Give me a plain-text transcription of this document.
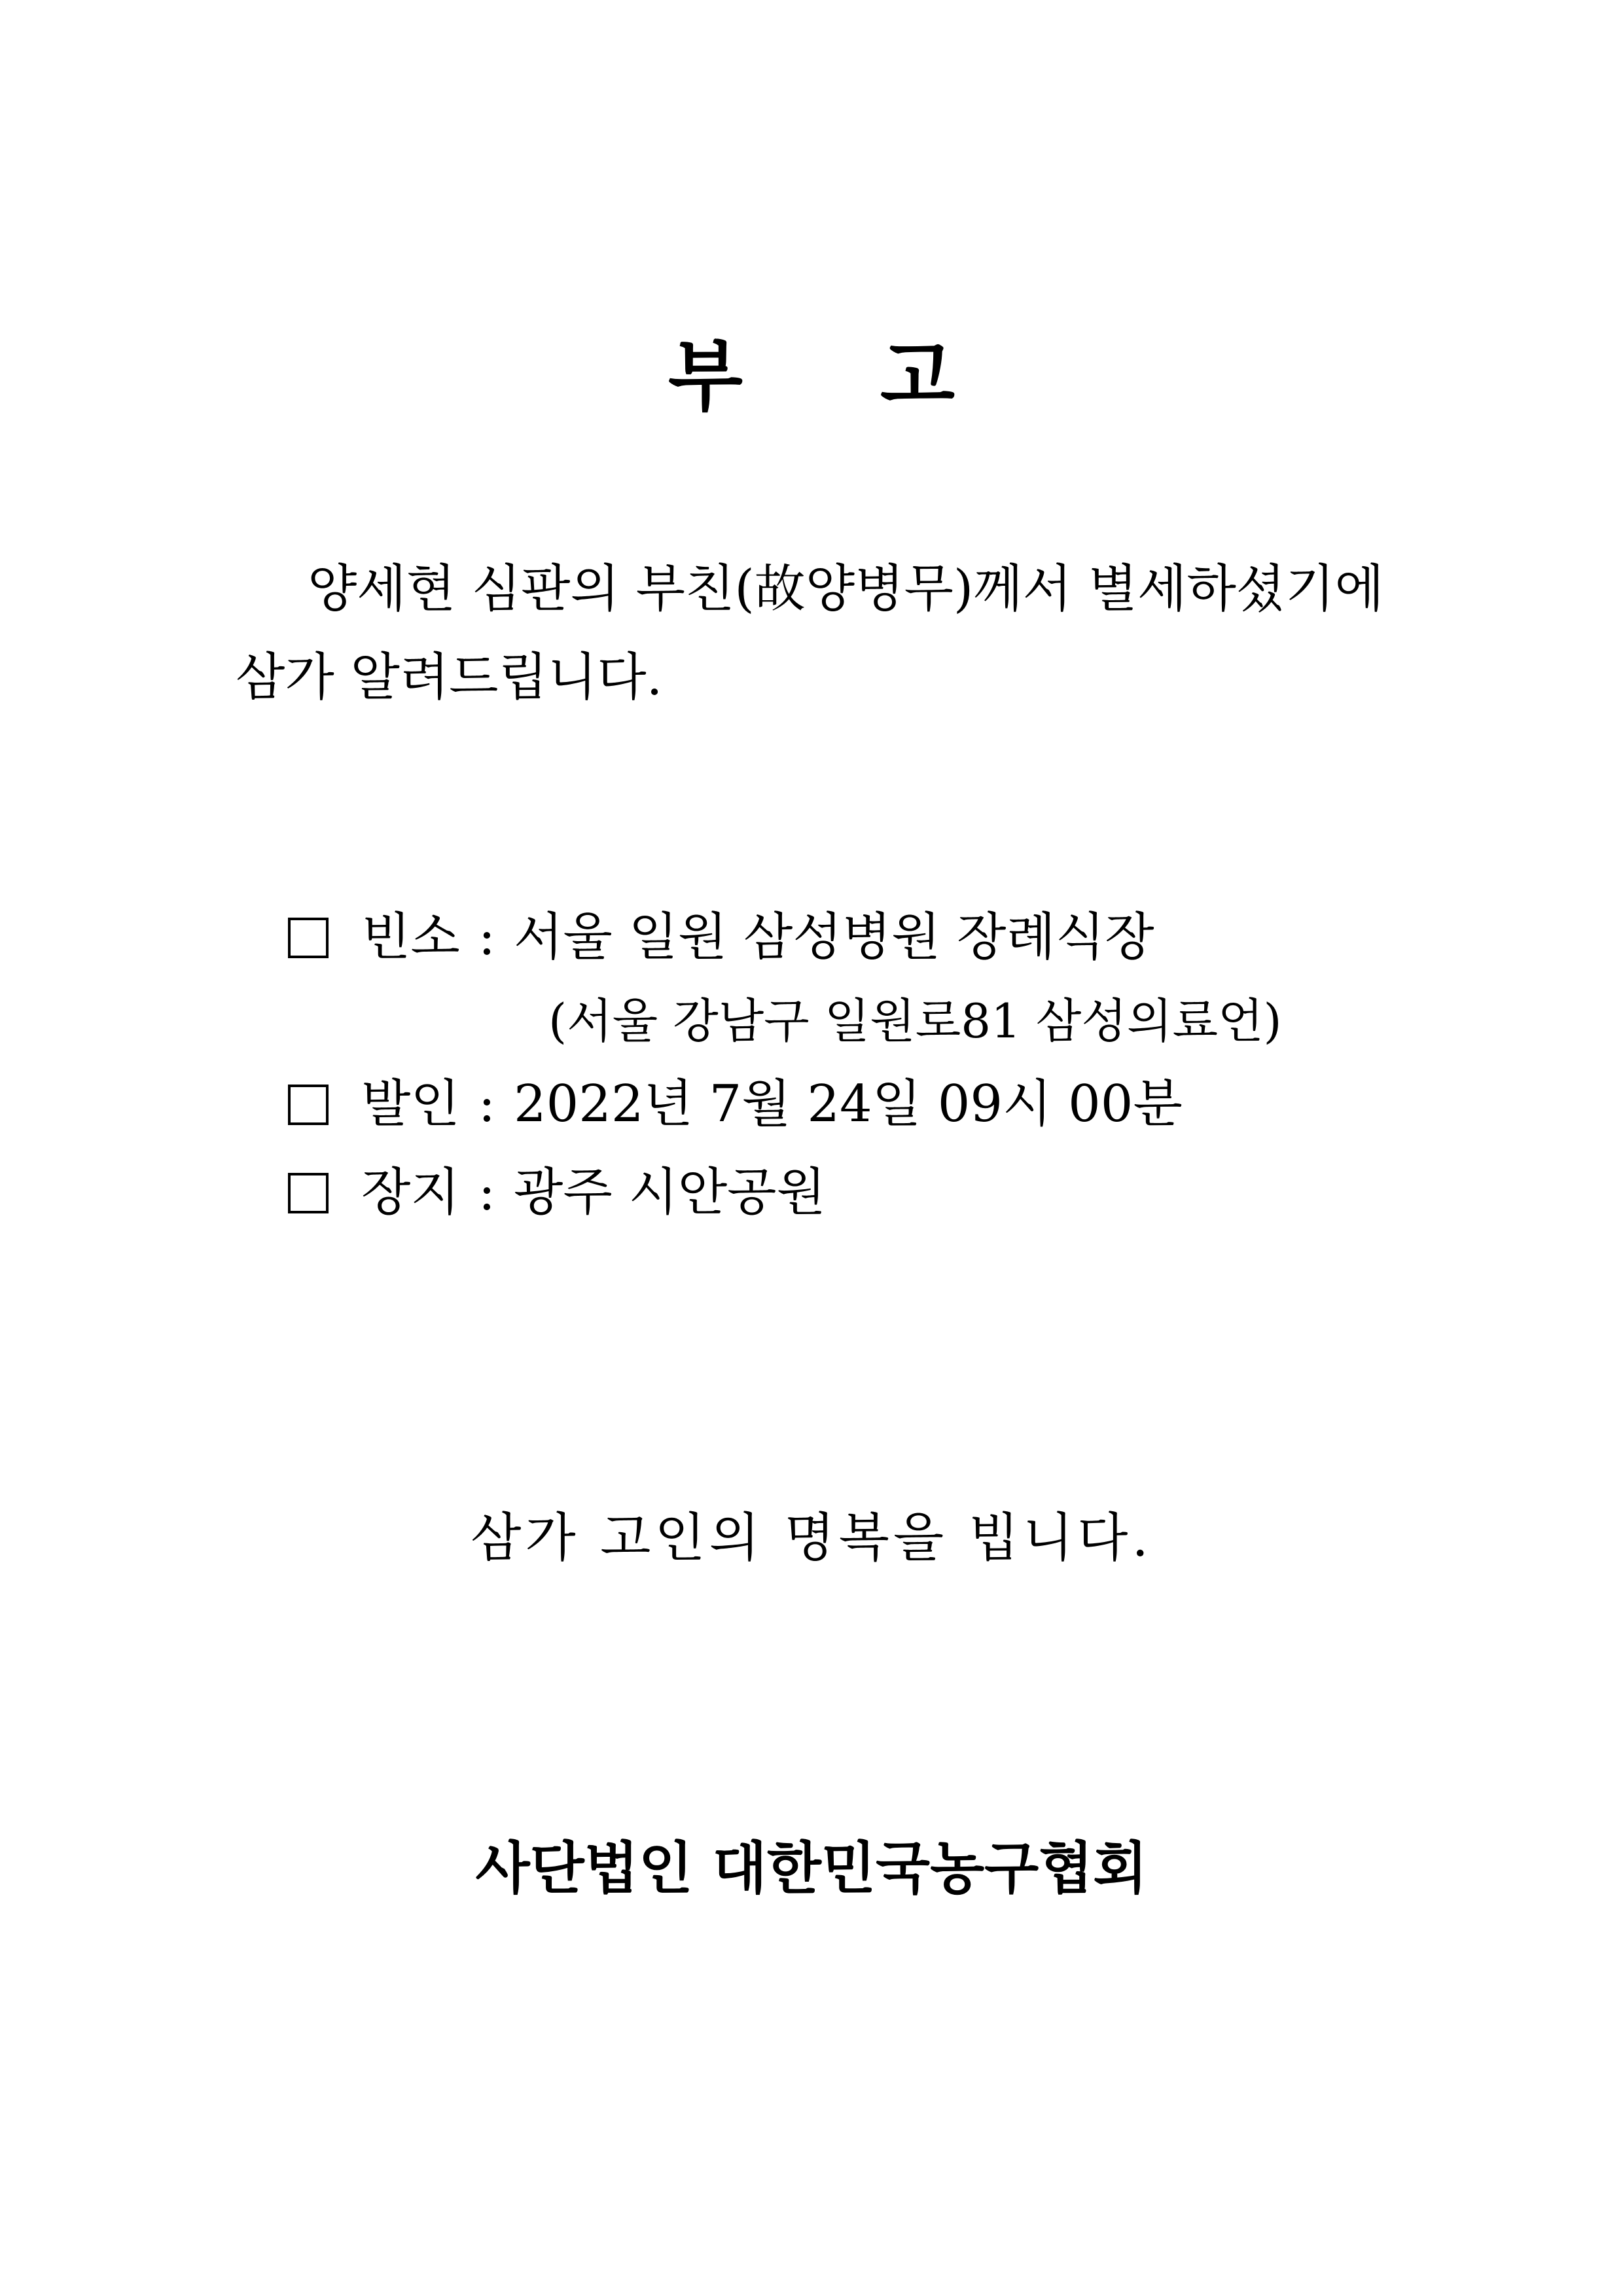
부 고
양세현 심판의 부친(故양병무)께서 별세하셨기에
삼가 알려드립니다.
빈소 : 서울 일원 삼성병원 장례식장
(서울 강남구 일원로81 삼성의료언)
발인 : 2022년 7월 24일 09시 00분
장지 : 광주 시안공원
삼가 고인의 명복을 빕니다.
사단법인 대한민국농구협회
